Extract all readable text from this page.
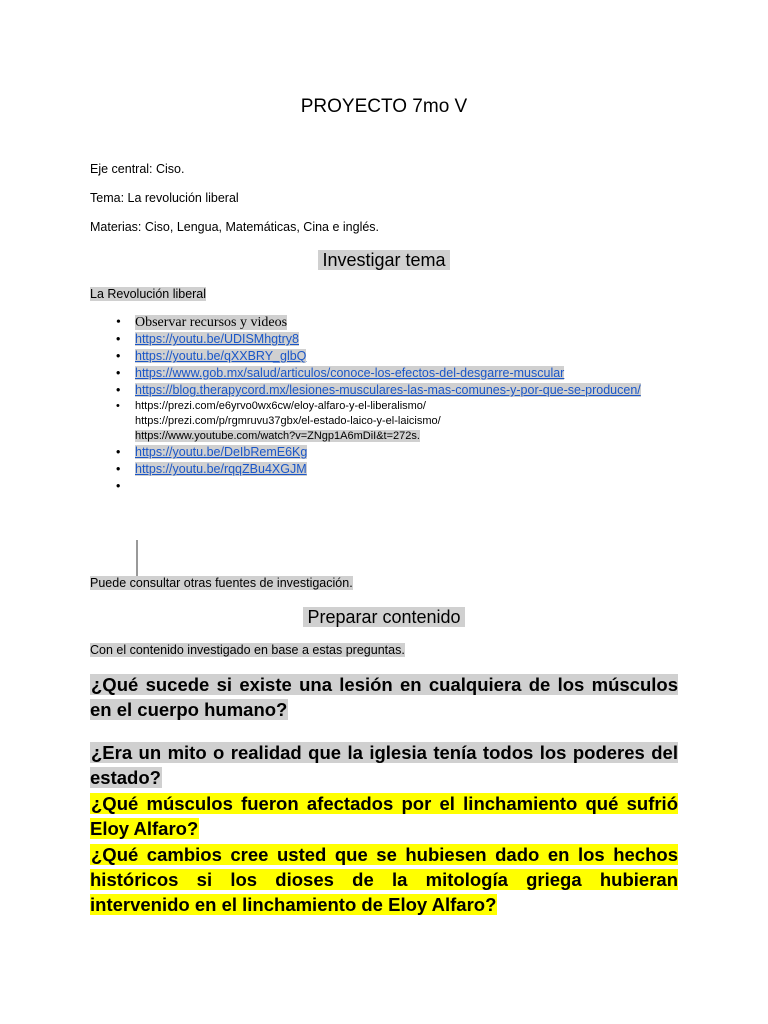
PROYECTO 7mo V
Eje central: Ciso.
Tema: La revolución liberal
Materias: Ciso, Lengua, Matemáticas, Cina e inglés.
Investigar tema
La Revolución liberal
• Observar recursos y videos
• https://youtu.be/UDISMhgtry8
• https://youtu.be/qXXBRY_glbQ
• https://www.gob.mx/salud/articulos/conoce-los-efectos-del-desgarre-muscular
• https://blog.therapycord.mx/lesiones-musculares-las-mas-comunes-y-por-que-se-producen/
• https://prezi.com/e6yrvo0wx6cw/eloy-alfaro-y-el-liberalismo/
https://prezi.com/p/rgmruvu37gbx/el-estado-laico-y-el-laicismo/
https://www.youtube.com/watch?v=ZNgp1A6mDiI&t=272s.
• https://youtu.be/DeIbRemE6Kg
• https://youtu.be/rqqZBu4XGJM
•

Puede consultar otras fuentes de investigación.
Preparar contenido
Con el contenido investigado en base a estas preguntas.
¿Qué sucede si existe una lesión en cualquiera de los músculos en el cuerpo humano?
¿Era un mito o realidad que la iglesia tenía todos los poderes del estado?
¿Qué músculos fueron afectados por el linchamiento qué sufrió Eloy Alfaro?
¿Qué cambios cree usted que se hubiesen dado en los hechos históricos si los dioses de la mitología griega hubieran intervenido en el linchamiento de Eloy Alfaro?
